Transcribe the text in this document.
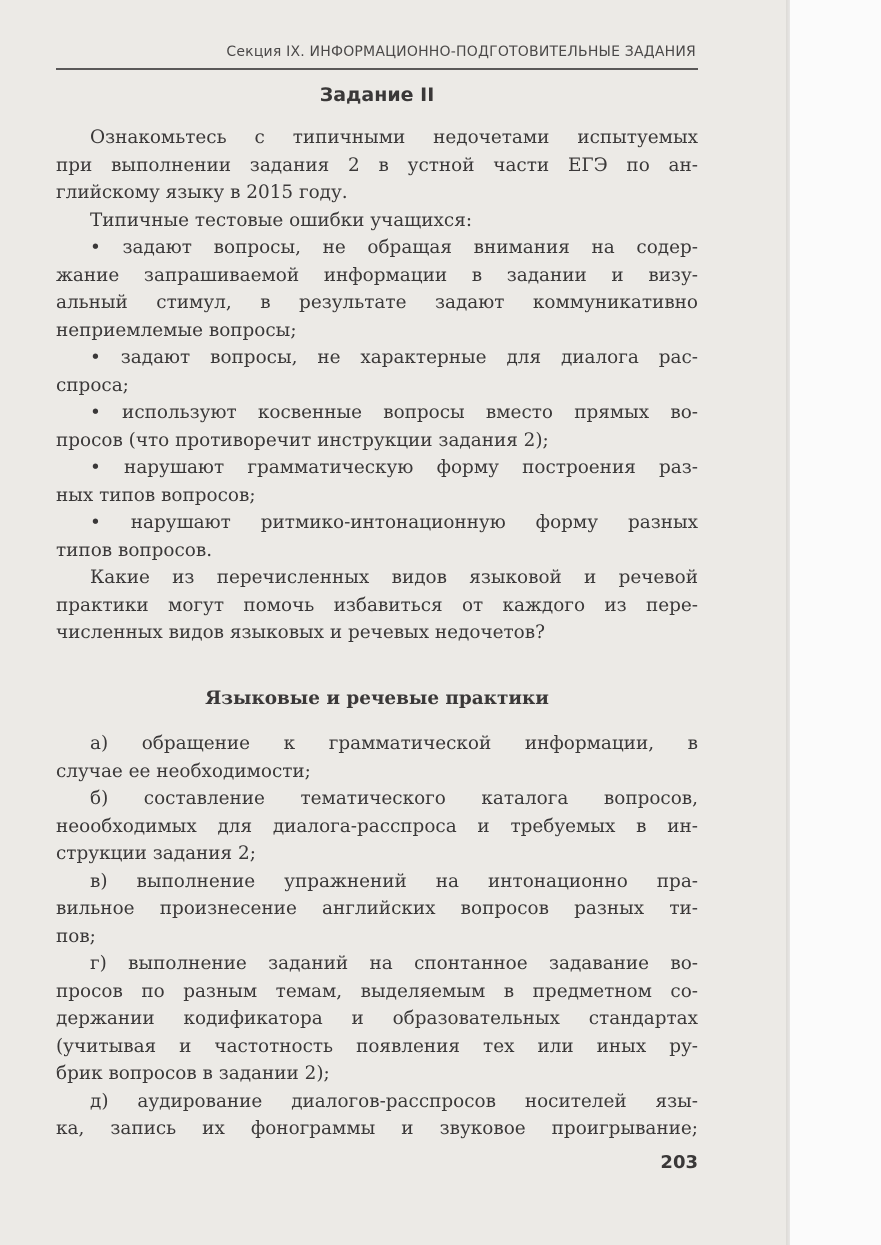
Секция IX. ИНФОРМАЦИОННО-ПОДГОТОВИТЕЛЬНЫЕ ЗАДАНИЯ
Задание II
Ознакомьтесь с типичными недочетами испытуемых
при выполнении задания 2 в устной части ЕГЭ по ан-
глийскому языку в 2015 году.
Типичные тестовые ошибки учащихся:
• задают вопросы, не обращая внимания на содер-
жание запрашиваемой информации в задании и визу-
альный стимул, в результате задают коммуникативно
неприемлемые вопросы;
• задают вопросы, не характерные для диалога рас-
спроса;
• используют косвенные вопросы вместо прямых во-
просов (что противоречит инструкции задания 2);
• нарушают грамматическую форму построения раз-
ных типов вопросов;
• нарушают ритмико-интонационную форму разных
типов вопросов.
Какие из перечисленных видов языковой и речевой
практики могут помочь избавиться от каждого из пере-
численных видов языковых и речевых недочетов?
Языковые и речевые практики
а) обращение к грамматической информации, в
случае ее необходимости;
б) составление тематического каталога вопросов,
неообходимых для диалога-расспроса и требуемых в ин-
струкции задания 2;
в) выполнение упражнений на интонационно пра-
вильное произнесение английских вопросов разных ти-
пов;
г) выполнение заданий на спонтанное задавание во-
просов по разным темам, выделяемым в предметном со-
держании кодификатора и образовательных стандартах
(учитывая и частотность появления тех или иных ру-
брик вопросов в задании 2);
д) аудирование диалогов-расспросов носителей язы-
ка, запись их фонограммы и звуковое проигрывание;
203
